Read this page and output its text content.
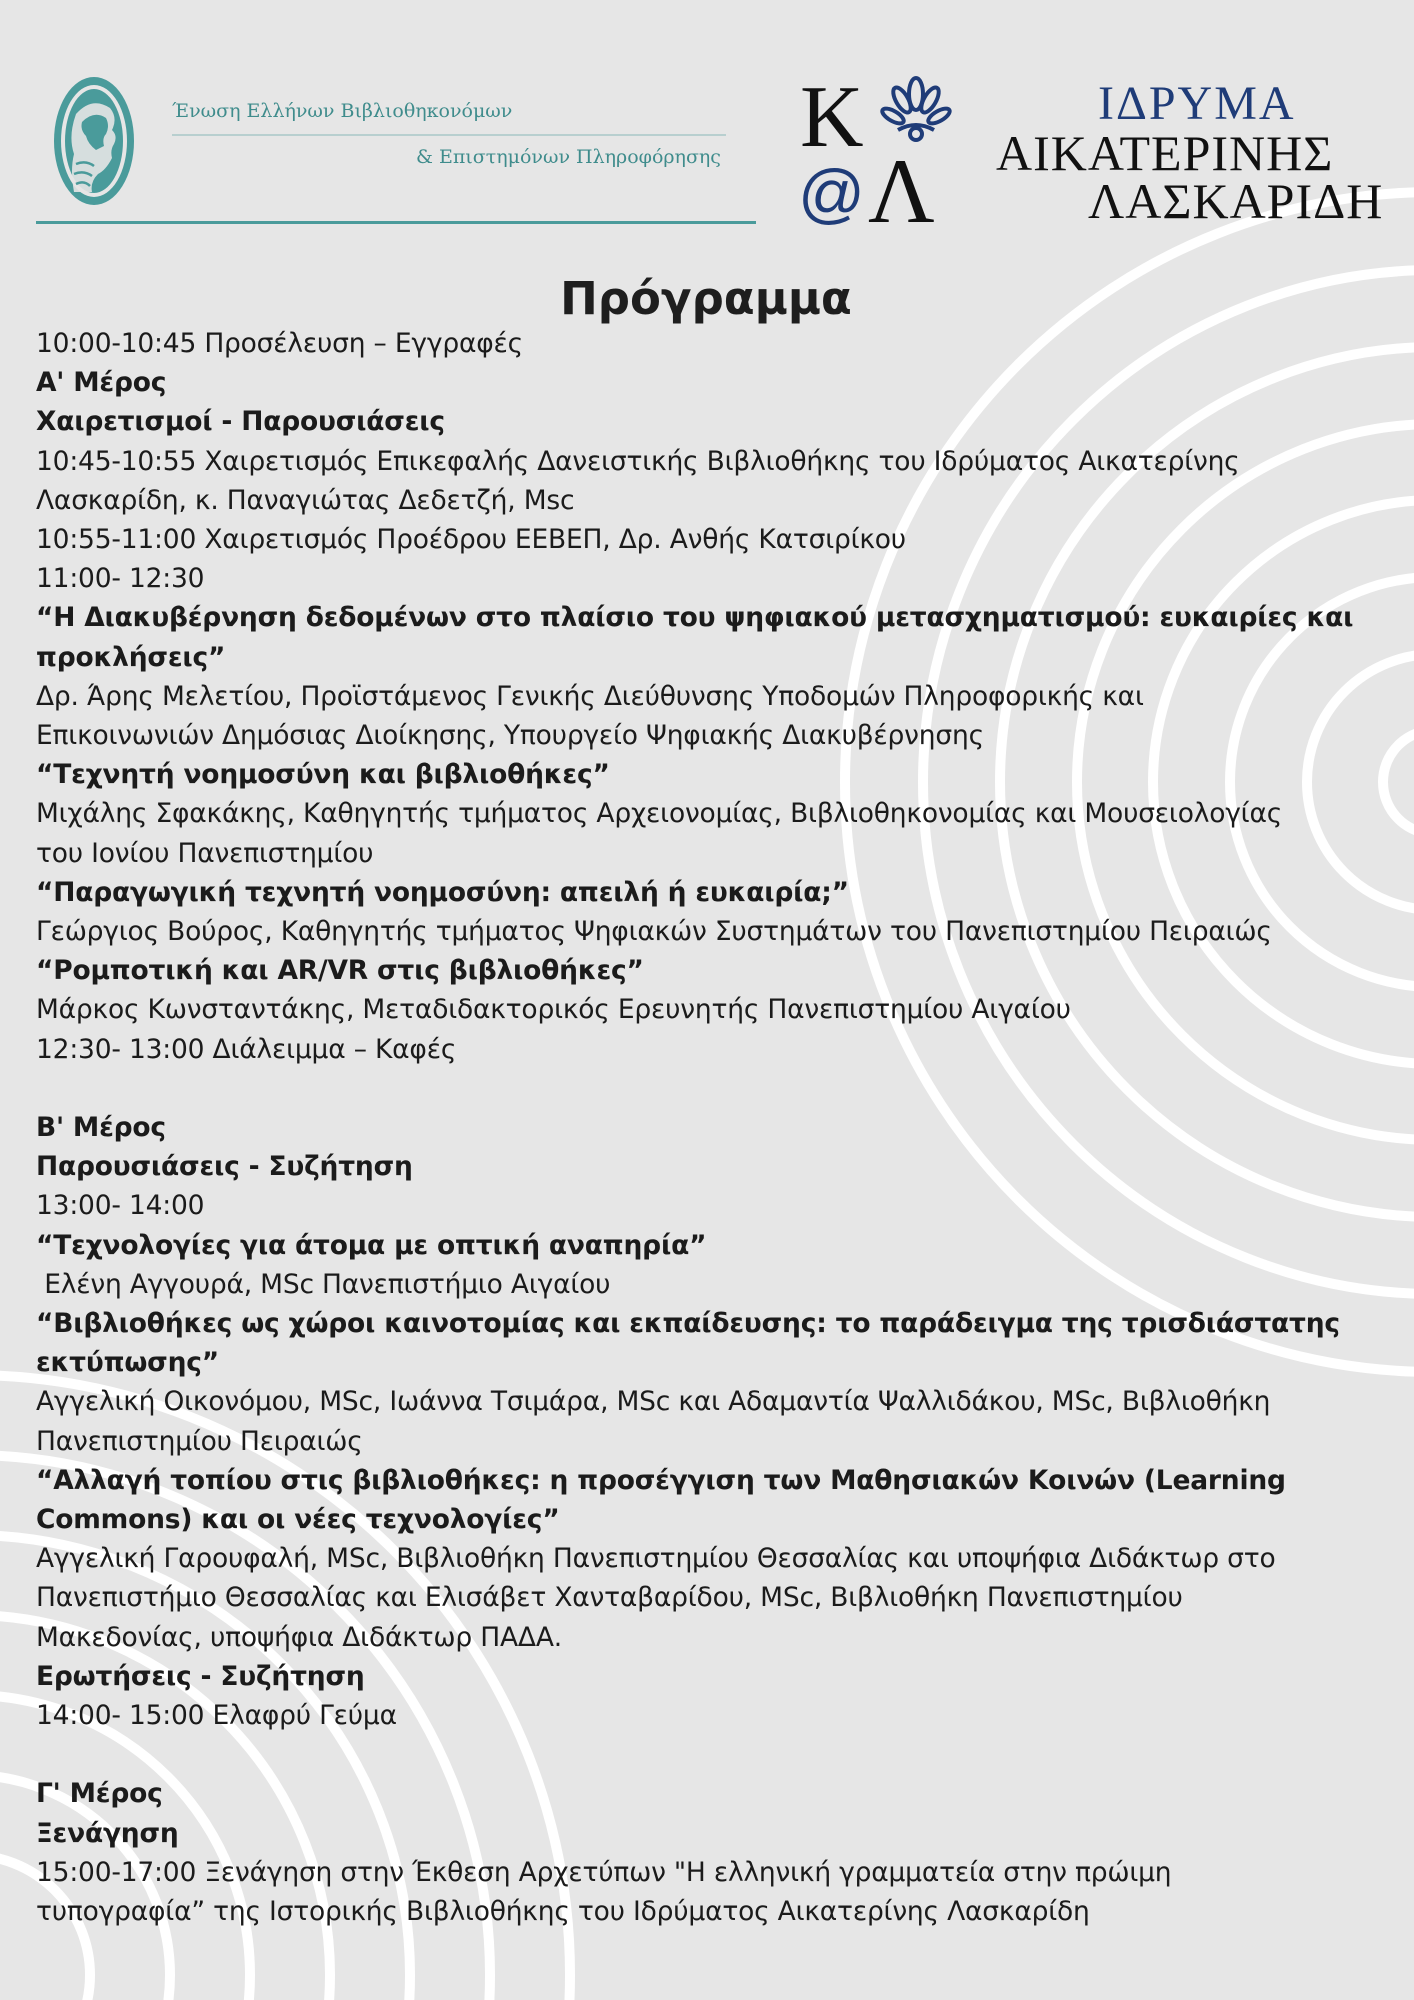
Ένωση Ελλήνων Βιβλιοθηκονόμων
& Επιστημόνων Πληροφόρησης Κ
@ Λ
ΙΔΡΥΜΑ
ΑΙΚΑΤΕΡΙΝΗΣ
ΛΑΣΚΑΡΙΔΗ
Πρόγραμμα
10:00-10:45 Προσέλευση – Εγγραφές
Α' Μέρος
Χαιρετισμοί - Παρουσιάσεις
10:45-10:55 Χαιρετισμός Επικεφαλής Δανειστικής Βιβλιοθήκης του Ιδρύματος Αικατερίνης
Λασκαρίδη, κ. Παναγιώτας Δεδετζή, Msc
10:55-11:00 Χαιρετισμός Προέδρου ΕΕΒΕΠ, Δρ. Ανθής Κατσιρίκου
11:00- 12:30
“Η Διακυβέρνηση δεδομένων στο πλαίσιο του ψηφιακού μετασχηματισμού: ευκαιρίες και
προκλήσεις”
Δρ. Άρης Μελετίου, Προϊστάμενος Γενικής Διεύθυνσης Υποδομών Πληροφορικής και
Επικοινωνιών Δημόσιας Διοίκησης, Υπουργείο Ψηφιακής Διακυβέρνησης
“Τεχνητή νοημοσύνη και βιβλιοθήκες”
Μιχάλης Σφακάκης, Καθηγητής τμήματος Αρχειονομίας, Βιβλιοθηκονομίας και Μουσειολογίας
του Ιονίου Πανεπιστημίου
“Παραγωγική τεχνητή νοημοσύνη: απειλή ή ευκαιρία;”
Γεώργιος Βούρος, Καθηγητής τμήματος Ψηφιακών Συστημάτων του Πανεπιστημίου Πειραιώς
“Ρομποτική και AR/VR στις βιβλιοθήκες”
Μάρκος Κωνσταντάκης, Μεταδιδακτορικός Ερευνητής Πανεπιστημίου Αιγαίου
12:30- 13:00 Διάλειμμα – Καφές
Β' Μέρος
Παρουσιάσεις - Συζήτηση
13:00- 14:00
“Τεχνολογίες για άτομα με οπτική αναπηρία”
Ελένη Αγγουρά, MSc Πανεπιστήμιο Αιγαίου
“Βιβλιοθήκες ως χώροι καινοτομίας και εκπαίδευσης: το παράδειγμα της τρισδιάστατης
εκτύπωσης”
Αγγελική Οικονόμου, MSc, Ιωάννα Τσιμάρα, MSc και Αδαμαντία Ψαλλιδάκου, MSc, Βιβλιοθήκη
Πανεπιστημίου Πειραιώς
“Αλλαγή τοπίου στις βιβλιοθήκες: η προσέγγιση των Μαθησιακών Κοινών (Learning
Commons) και οι νέες τεχνολογίες”
Αγγελική Γαρουφαλή, MSc, Βιβλιοθήκη Πανεπιστημίου Θεσσαλίας και υποψήφια Διδάκτωρ στο
Πανεπιστήμιο Θεσσαλίας και Ελισάβετ Χανταβαρίδου, MSc, Βιβλιοθήκη Πανεπιστημίου
Μακεδονίας, υποψήφια Διδάκτωρ ΠΑΔΑ.
Ερωτήσεις - Συζήτηση
14:00- 15:00 Ελαφρύ Γεύμα
Γ' Μέρος
Ξενάγηση
15:00-17:00 Ξενάγηση στην Έκθεση Αρχετύπων "Η ελληνική γραμματεία στην πρώιμη
τυπογραφία” της Ιστορικής Βιβλιοθήκης του Ιδρύματος Αικατερίνης Λασκαρίδη
